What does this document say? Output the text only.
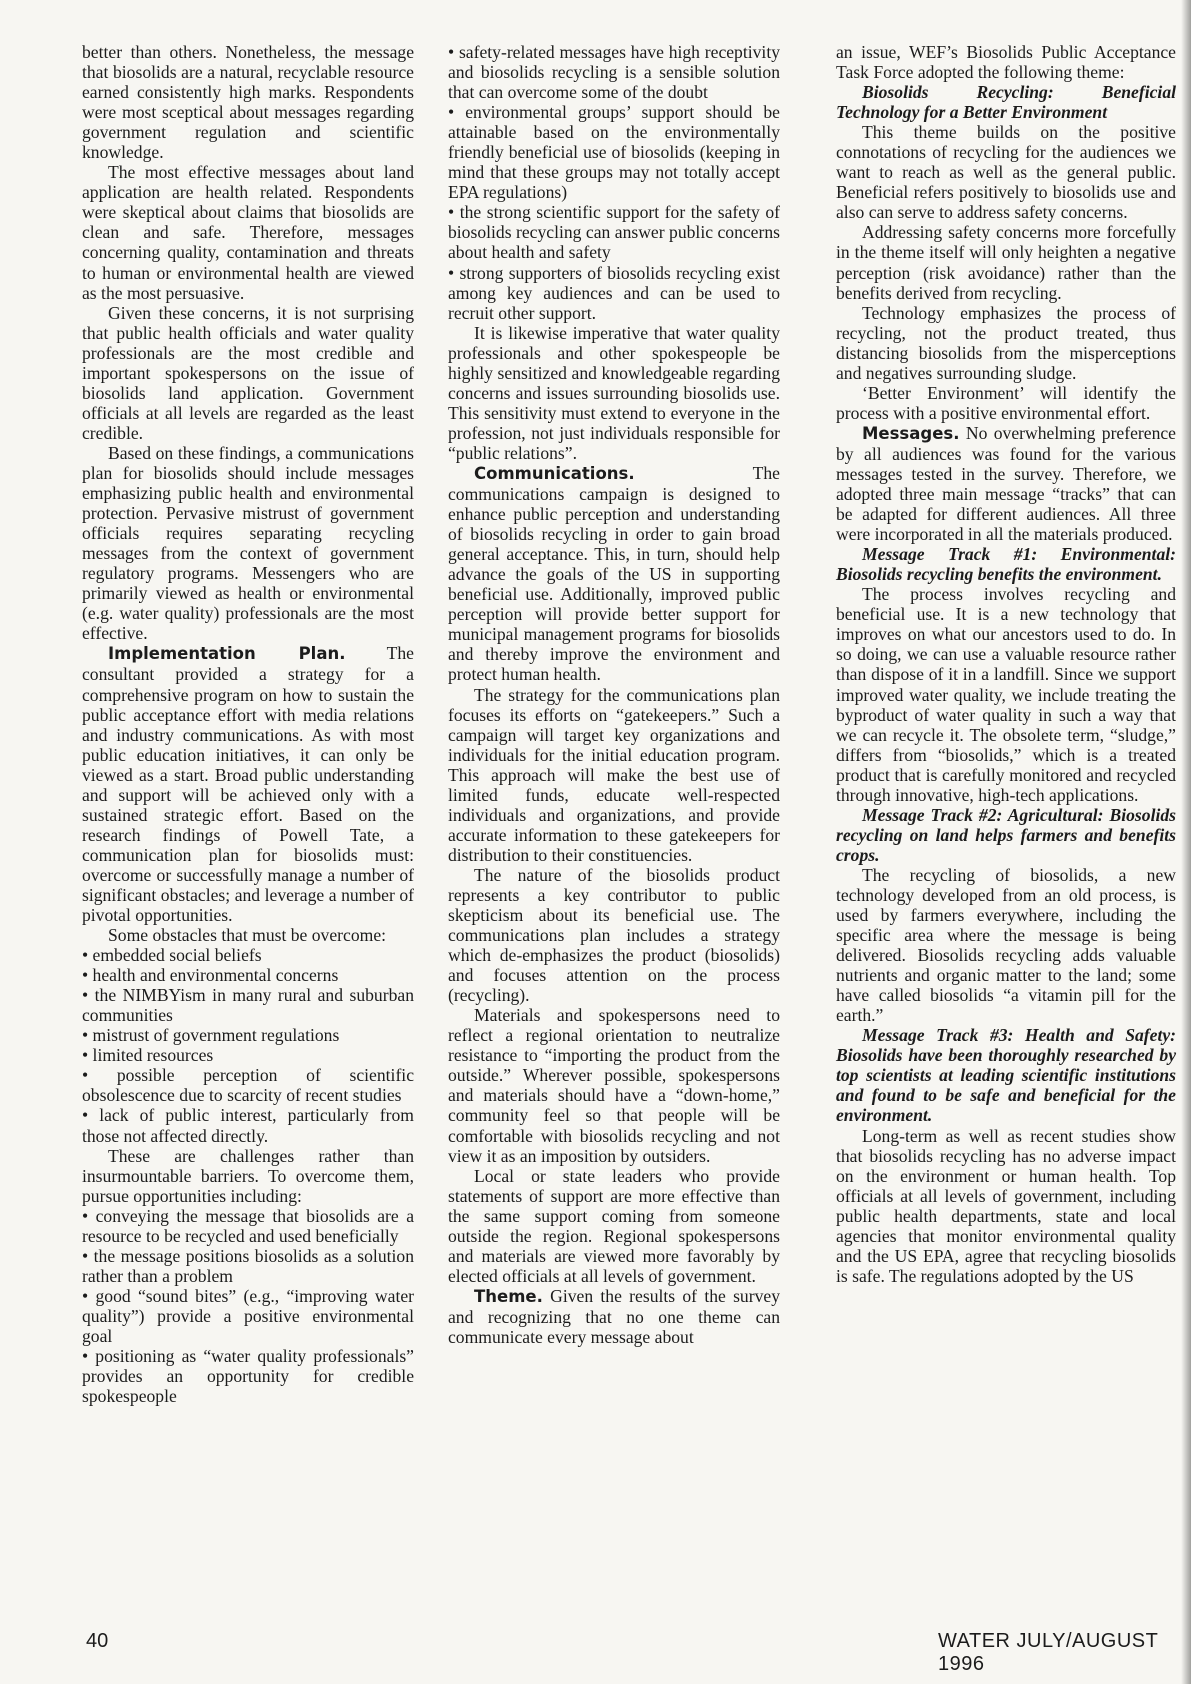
better than others. Nonetheless, the message that biosolids are a natural, recyclable resource earned consistently high marks. Respondents were most sceptical about messages regarding government regulation and scientific knowledge.

The most effective messages about land application are health related. Respondents were skeptical about claims that biosolids are clean and safe. Therefore, messages concerning quality, contamination and threats to human or environmental health are viewed as the most persuasive.

Given these concerns, it is not surprising that public health officials and water quality professionals are the most credible and important spokespersons on the issue of biosolids land application. Government officials at all levels are regarded as the least credible.

Based on these findings, a communications plan for biosolids should include messages emphasizing public health and environmental protection. Pervasive mistrust of government officials requires separating recycling messages from the context of government regulatory programs. Messengers who are primarily viewed as health or environmental (e.g. water quality) professionals are the most effective.

Implementation Plan. The consultant provided a strategy for a comprehensive program on how to sustain the public acceptance effort with media relations and industry communications. As with most public education initiatives, it can only be viewed as a start. Broad public understanding and support will be achieved only with a sustained strategic effort. Based on the research findings of Powell Tate, a communication plan for biosolids must: overcome or successfully manage a number of significant obstacles; and leverage a number of pivotal opportunities.

Some obstacles that must be overcome:

• embedded social beliefs

• health and environmental concerns

• the NIMBYism in many rural and suburban communities

• mistrust of government regulations

• limited resources

• possible perception of scientific obsolescence due to scarcity of recent studies

• lack of public interest, particularly from those not affected directly.

These are challenges rather than insurmountable barriers. To overcome them, pursue opportunities including:

• conveying the message that biosolids are a resource to be recycled and used beneficially

• the message positions biosolids as a solution rather than a problem

• good “sound bites” (e.g., “improving water quality”) provide a positive environmental goal

• positioning as “water quality professionals” provides an opportunity for credible spokespeople

• safety-related messages have high receptivity and biosolids recycling is a sensible solution that can overcome some of the doubt

• environmental groups’ support should be attainable based on the environmentally friendly beneficial use of biosolids (keeping in mind that these groups may not totally accept EPA regulations)

• the strong scientific support for the safety of biosolids recycling can answer public concerns about health and safety

• strong supporters of biosolids recycling exist among key audiences and can be used to recruit other support.

It is likewise imperative that water quality professionals and other spokespeople be highly sensitized and knowledgeable regarding concerns and issues surrounding biosolids use. This sensitivity must extend to everyone in the profession, not just individuals responsible for “public relations”.

Communications. The communications campaign is designed to enhance public perception and understanding of biosolids recycling in order to gain broad general acceptance. This, in turn, should help advance the goals of the US in supporting beneficial use. Additionally, improved public perception will provide better support for municipal management programs for biosolids and thereby improve the environment and protect human health.

The strategy for the communications plan focuses its efforts on “gatekeepers.” Such a campaign will target key organizations and individuals for the initial education program. This approach will make the best use of limited funds, educate well-respected individuals and organizations, and provide accurate information to these gatekeepers for distribution to their constituencies.

The nature of the biosolids product represents a key contributor to public skepticism about its beneficial use. The communications plan includes a strategy which de-emphasizes the product (biosolids) and focuses attention on the process (recycling).

Materials and spokespersons need to reflect a regional orientation to neutralize resistance to “importing the product from the outside.” Wherever possible, spokespersons and materials should have a “down-home,” community feel so that people will be comfortable with biosolids recycling and not view it as an imposition by outsiders.

Local or state leaders who provide statements of support are more effective than the same support coming from someone outside the region. Regional spokespersons and materials are viewed more favorably by elected officials at all levels of government.

Theme. Given the results of the survey and recognizing that no one theme can communicate every message about

an issue, WEF’s Biosolids Public Acceptance Task Force adopted the following theme:

Biosolids Recycling: Beneficial Technology for a Better Environment

This theme builds on the positive connotations of recycling for the audiences we want to reach as well as the general public. Beneficial refers positively to biosolids use and also can serve to address safety concerns.

Addressing safety concerns more forcefully in the theme itself will only heighten a negative perception (risk avoidance) rather than the benefits derived from recycling.

Technology emphasizes the process of recycling, not the product treated, thus distancing biosolids from the misperceptions and negatives surrounding sludge.

‘Better Environment’ will identify the process with a positive environmental effort.

Messages. No overwhelming preference by all audiences was found for the various messages tested in the survey. Therefore, we adopted three main message “tracks” that can be adapted for different audiences. All three were incorporated in all the materials produced.

Message Track #1: Environmental: Biosolids recycling benefits the environment.

The process involves recycling and beneficial use. It is a new technology that improves on what our ancestors used to do. In so doing, we can use a valuable resource rather than dispose of it in a landfill. Since we support improved water quality, we include treating the byproduct of water quality in such a way that we can recycle it. The obsolete term, “sludge,” differs from “biosolids,” which is a treated product that is carefully monitored and recycled through innovative, high-tech applications.

Message Track #2: Agricultural: Biosolids recycling on land helps farmers and benefits crops.

The recycling of biosolids, a new technology developed from an old process, is used by farmers everywhere, including the specific area where the message is being delivered. Biosolids recycling adds valuable nutrients and organic matter to the land; some have called biosolids “a vitamin pill for the earth.”

Message Track #3: Health and Safety: Biosolids have been thoroughly researched by top scientists at leading scientific institutions and found to be safe and beneficial for the environment.

Long-term as well as recent studies show that biosolids recycling has no adverse impact on the environment or human health. Top officials at all levels of government, including public health departments, state and local agencies that monitor environmental quality and the US EPA, agree that recycling biosolids is safe. The regulations adopted by the US

40	WATER JULY/AUGUST 1996
